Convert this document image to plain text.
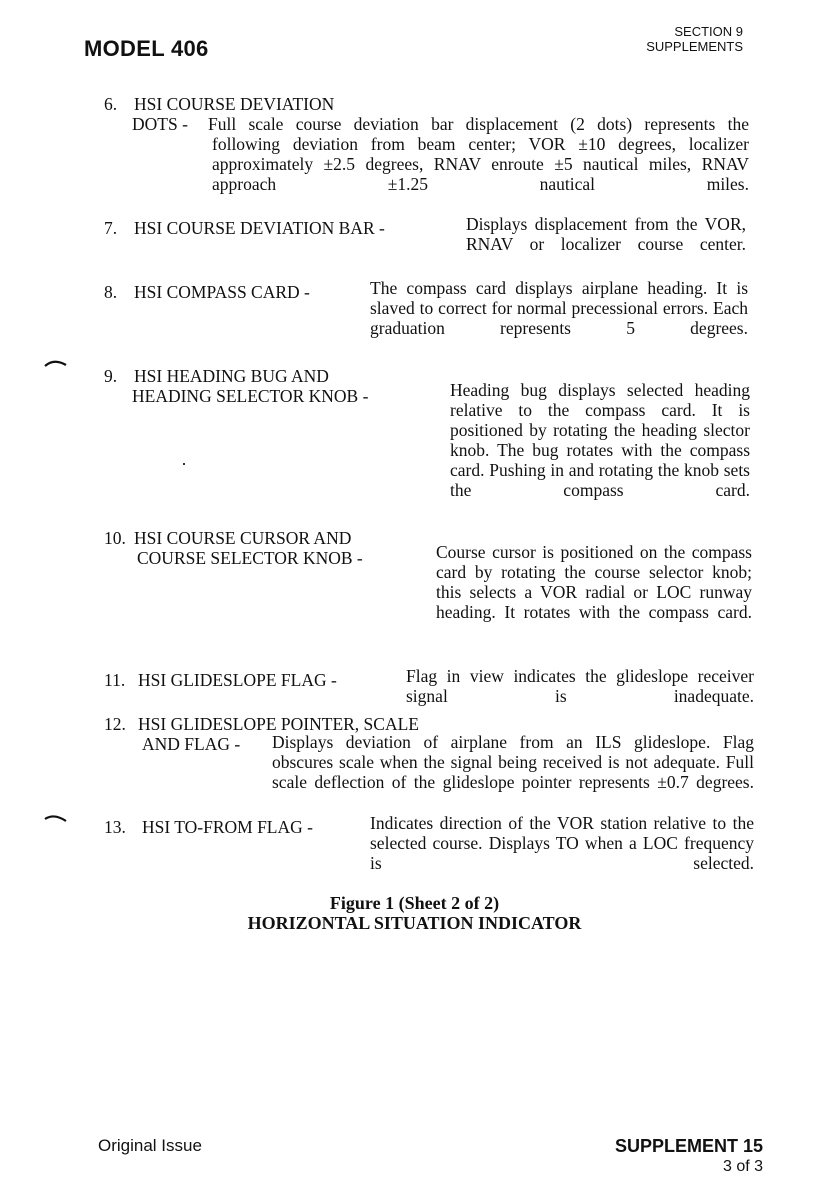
MODEL 406
SECTION 9
SUPPLEMENTS
6. HSI COURSE DEVIATION
DOTS -	Full scale course deviation bar displacement (2 dots) represents the following deviation from beam center; VOR ±10 degrees, localizer approximately ±2.5 degrees, RNAV enroute ±5 nautical miles, RNAV approach ±1.25 nautical miles.
7. HSI COURSE DEVIATION BAR -	Displays displacement from the VOR, RNAV or localizer course center.
8. HSI COMPASS CARD -	The compass card displays airplane heading. It is slaved to correct for normal precessional errors. Each graduation represents 5 degrees.
9. HSI HEADING BUG AND
HEADING SELECTOR KNOB -	Heading bug displays selected heading relative to the compass card. It is positioned by rotating the heading slector knob. The bug rotates with the compass card. Pushing in and rotating the knob sets the compass card.
10. HSI COURSE CURSOR AND
COURSE SELECTOR KNOB -	Course cursor is positioned on the compass card by rotating the course selector knob; this selects a VOR radial or LOC runway heading. It rotates with the compass card.
11. HSI GLIDESLOPE FLAG -	Flag in view indicates the glideslope receiver signal is inadequate.
12. HSI GLIDESLOPE POINTER, SCALE
AND FLAG -	Displays deviation of airplane from an ILS glideslope. Flag obscures scale when the signal being received is not adequate. Full scale deflection of the glideslope pointer represents ±0.7 degrees.
13. HSI TO-FROM FLAG -	Indicates direction of the VOR station relative to the selected course. Displays TO when a LOC frequency is selected.
Figure 1 (Sheet 2 of 2)
HORIZONTAL SITUATION INDICATOR
Original Issue	SUPPLEMENT 15
3 of 3
